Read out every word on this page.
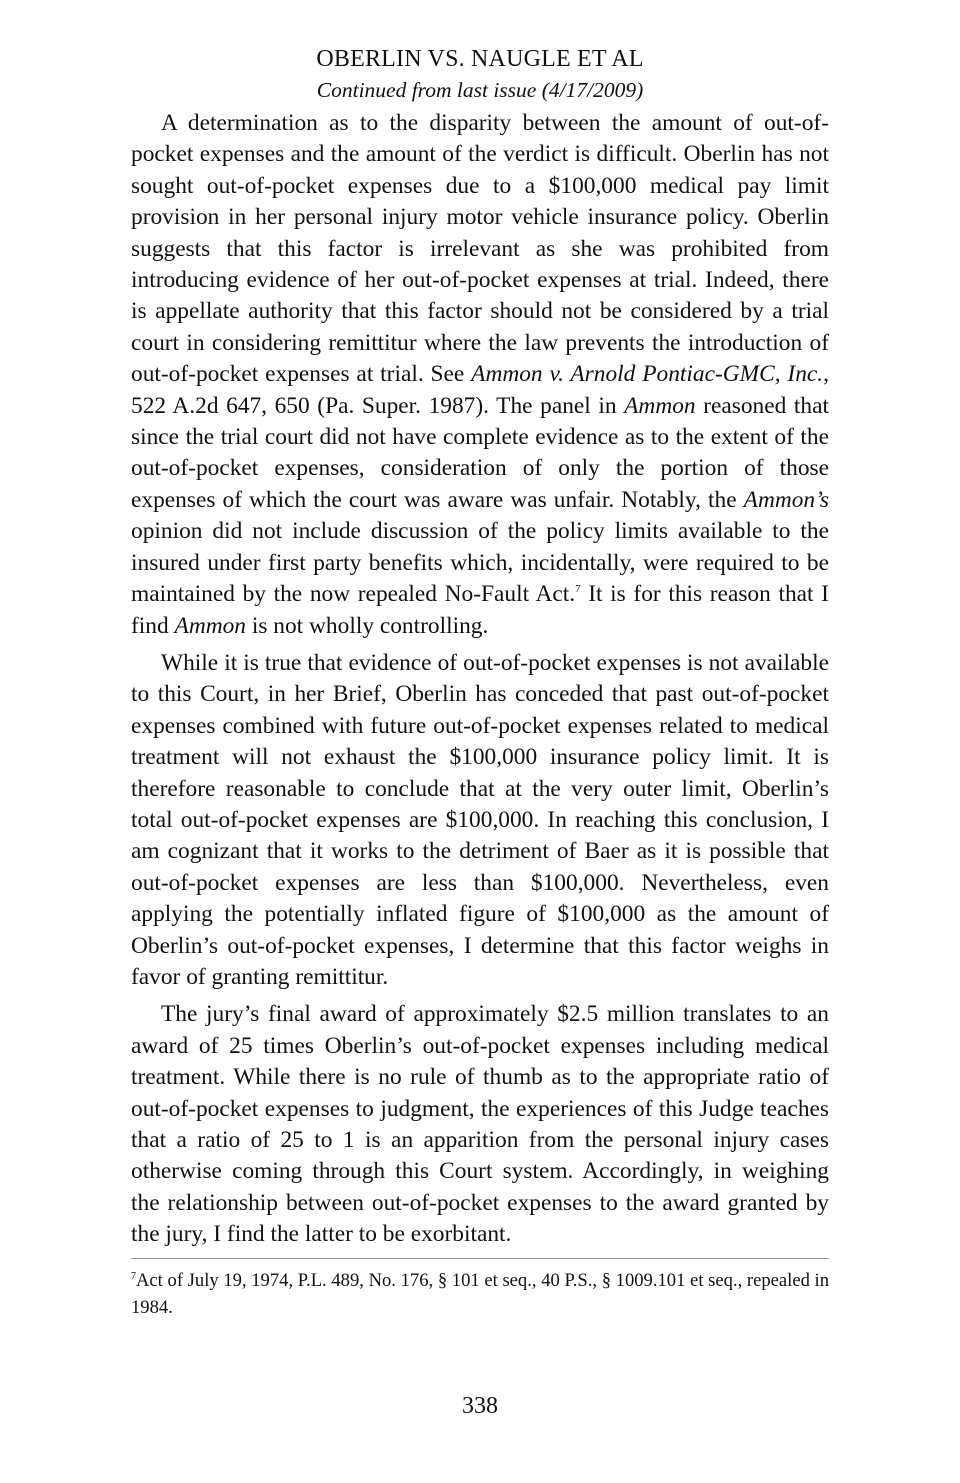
OBERLIN VS. NAUGLE ET AL
Continued from last issue (4/17/2009)

A determination as to the disparity between the amount of out-of-pocket expenses and the amount of the verdict is difficult. Oberlin has not sought out-of-pocket expenses due to a $100,000 medical pay limit provision in her personal injury motor vehicle insurance policy. Oberlin suggests that this factor is irrelevant as she was prohibited from introducing evidence of her out-of-pocket expenses at trial. Indeed, there is appellate authority that this factor should not be considered by a trial court in considering remittitur where the law prevents the introduction of out-of-pocket expenses at trial. See Ammon v. Arnold Pontiac-GMC, Inc., 522 A.2d 647, 650 (Pa. Super. 1987). The panel in Ammon reasoned that since the trial court did not have complete evidence as to the extent of the out-of-pocket expenses, consideration of only the portion of those expenses of which the court was aware was unfair. Notably, the Ammon’s opinion did not include discussion of the policy limits available to the insured under first party benefits which, incidentally, were required to be maintained by the now repealed No-Fault Act.$^7$ It is for this reason that I find Ammon is not wholly controlling.

While it is true that evidence of out-of-pocket expenses is not available to this Court, in her Brief, Oberlin has conceded that past out-of-pocket expenses combined with future out-of-pocket expenses related to medical treatment will not exhaust the $100,000 insurance policy limit. It is therefore reasonable to conclude that at the very outer limit, Oberlin’s total out-of-pocket expenses are $100,000. In reaching this conclusion, I am cognizant that it works to the detriment of Baer as it is possible that out-of-pocket expenses are less than $100,000. Nevertheless, even applying the potentially inflated figure of $100,000 as the amount of Oberlin’s out-of-pocket expenses, I determine that this factor weighs in favor of granting remittitur.

The jury’s final award of approximately $2.5 million translates to an award of 25 times Oberlin’s out-of-pocket expenses including medical treatment. While there is no rule of thumb as to the appropriate ratio of out-of-pocket expenses to judgment, the experiences of this Judge teaches that a ratio of 25 to 1 is an apparition from the personal injury cases otherwise coming through this Court system. Accordingly, in weighing the relationship between out-of-pocket expenses to the award granted by the jury, I find the latter to be exorbitant.

$^7$Act of July 19, 1974, P.L. 489, No. 176, § 101 et seq., 40 P.S., § 1009.101 et seq., repealed in 1984.
338
